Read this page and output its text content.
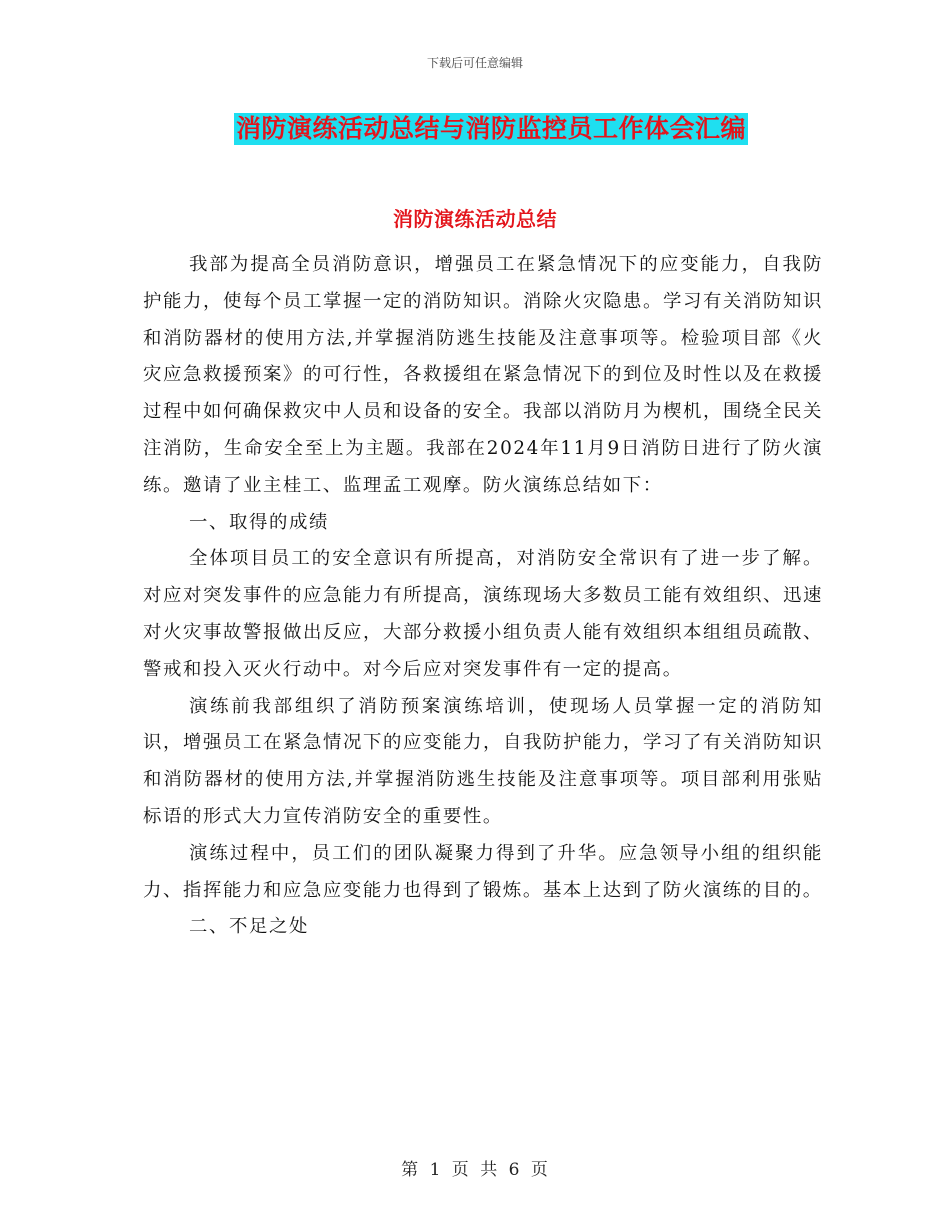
下载后可任意编辑
消防演练活动总结与消防监控员工作体会汇编
消防演练活动总结

我部为提高全员消防意识，增强员工在紧急情况下的应变能力，自我防护能力，使每个员工掌握一定的消防知识。消除火灾隐患。学习有关消防知识和消防器材的使用方法,并掌握消防逃生技能及注意事项等。检验项目部《火灾应急救援预案》的可行性，各救援组在紧急情况下的到位及时性以及在救援过程中如何确保救灾中人员和设备的安全。我部以消防月为楔机，围绕全民关注消防，生命安全至上为主题。我部在2024年11月9日消防日进行了防火演练。邀请了业主桂工、监理孟工观摩。防火演练总结如下：

一、取得的成绩

全体项目员工的安全意识有所提高，对消防安全常识有了进一步了解。对应对突发事件的应急能力有所提高，演练现场大多数员工能有效组织、迅速对火灾事故警报做出反应，大部分救援小组负责人能有效组织本组组员疏散、警戒和投入灭火行动中。对今后应对突发事件有一定的提高。

演练前我部组织了消防预案演练培训，使现场人员掌握一定的消防知识，增强员工在紧急情况下的应变能力，自我防护能力，学习了有关消防知识和消防器材的使用方法,并掌握消防逃生技能及注意事项等。项目部利用张贴标语的形式大力宣传消防安全的重要性。

演练过程中，员工们的团队凝聚力得到了升华。应急领导小组的组织能力、指挥能力和应急应变能力也得到了锻炼。基本上达到了防火演练的目的。

二、不足之处

第 1 页 共 6 页
